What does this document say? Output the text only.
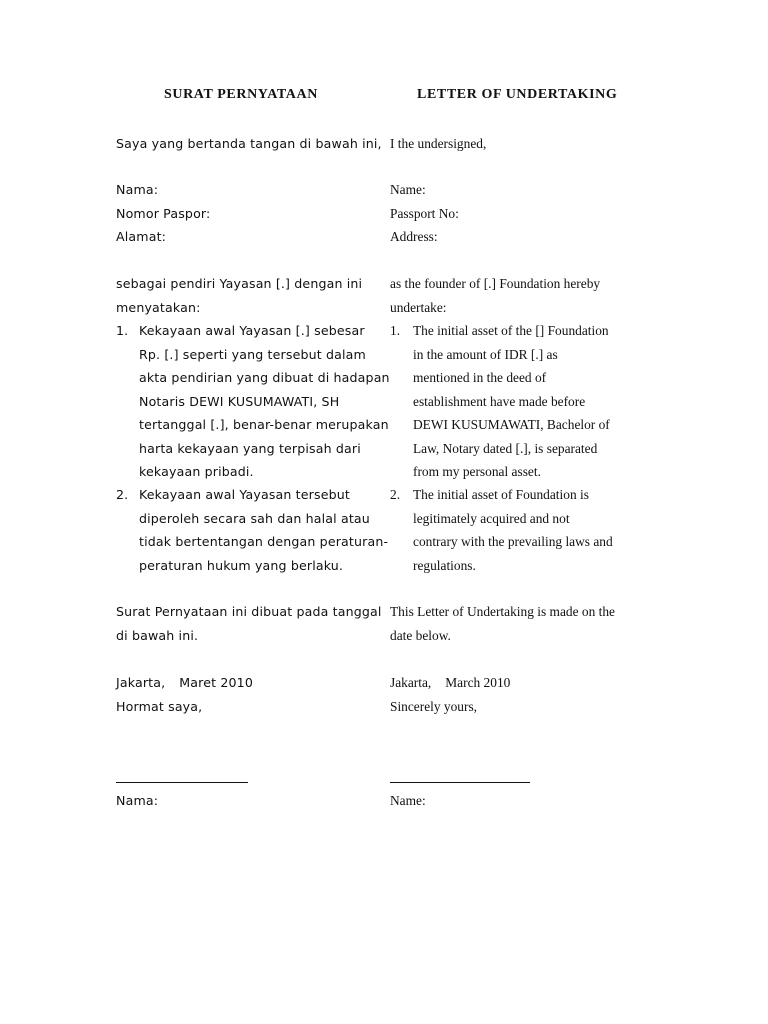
SURAT PERNYATAAN
Saya yang bertanda tangan di bawah ini,
Nama:
Nomor Paspor:
Alamat:
sebagai pendiri Yayasan [.] dengan ini
menyatakan:
1. Kekayaan awal Yayasan [.] sebesar
Rp. [.] seperti yang tersebut dalam
akta pendirian yang dibuat di hadapan
Notaris DEWI KUSUMAWATI, SH
tertanggal [.], benar-benar merupakan
harta kekayaan yang terpisah dari
kekayaan pribadi.
2. Kekayaan awal Yayasan tersebut
diperoleh secara sah dan halal atau
tidak bertentangan dengan peraturan-
peraturan hukum yang berlaku.
Surat Pernyataan ini dibuat pada tanggal
di bawah ini.
Jakarta, Maret 2010
Hormat saya,
Nama:
LETTER OF UNDERTAKING
I the undersigned,
Name:
Passport No:
Address:
as the founder of [.] Foundation hereby
undertake:
1. The initial asset of the [] Foundation
in the amount of IDR [.] as
mentioned in the deed of
establishment have made before
DEWI KUSUMAWATI, Bachelor of
Law, Notary dated [.], is separated
from my personal asset.
2. The initial asset of Foundation is
legitimately acquired and not
contrary with the prevailing laws and
regulations.
This Letter of Undertaking is made on the
date below.
Jakarta, March 2010
Sincerely yours,
Name:
